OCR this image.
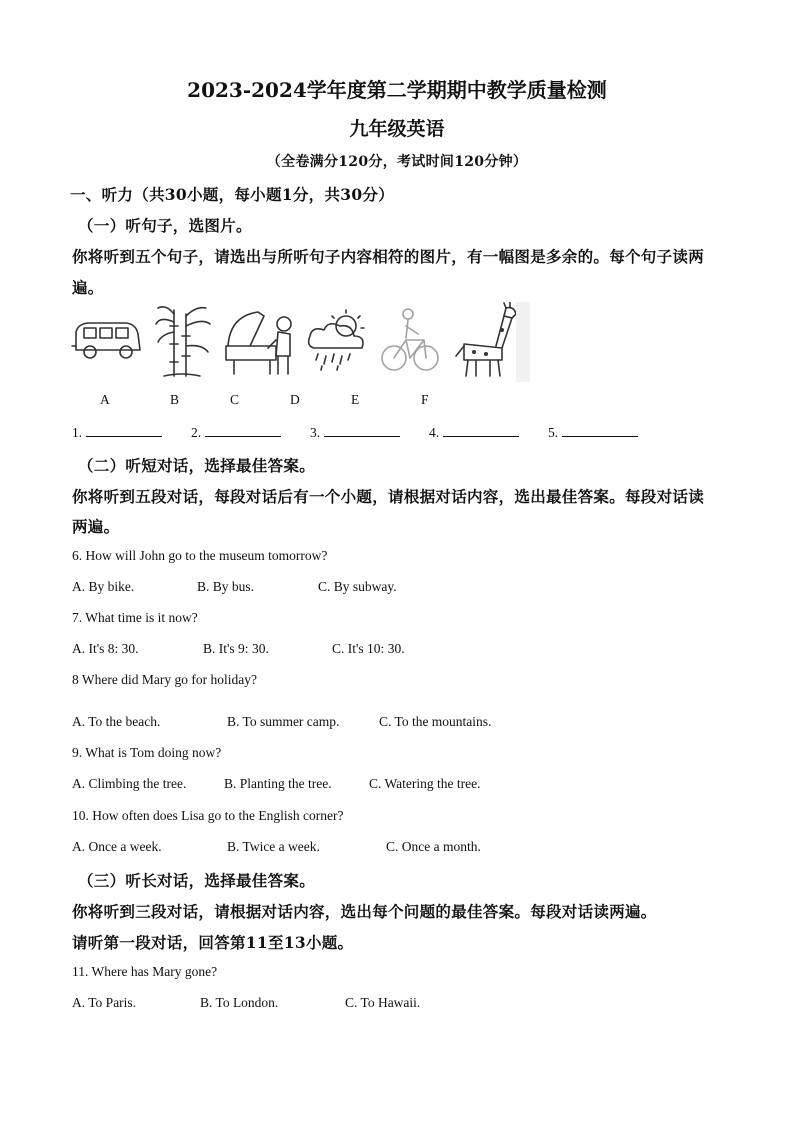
2023-2024学年度第二学期期中教学质量检测
九年级英语
（全卷满分120分，考试时间120分钟）
一、听力（共30小题，每小题1分，共30分）
（一）听句子，选图片。
你将听到五个句子，请选出与所听句子内容相符的图片，有一幅图是多余的。每个句子读两
遍。
A	B	C	D	E	F
1.	2.	3.	4.	5.
（二）听短对话，选择最佳答案。
你将听到五段对话，每段对话后有一个小题，请根据对话内容，选出最佳答案。每段对话读
两遍。
6. How will John go to the museum tomorrow?
A. By bike.	B. By bus.	C. By subway.
7. What time is it now?
A. It's 8: 30.	B. It's 9: 30.	C. It's 10: 30.
8 Where did Mary go for holiday?
A. To the beach.	B. To summer camp.	C. To the mountains.
9. What is Tom doing now?
A. Climbing the tree.	B. Planting the tree.	C. Watering the tree.
10. How often does Lisa go to the English corner?
A. Once a week.	B. Twice a week.	C. Once a month.
（三）听长对话，选择最佳答案。
你将听到三段对话，请根据对话内容，选出每个问题的最佳答案。每段对话读两遍。
请听第一段对话，回答第11至13小题。
11. Where has Mary gone?
A. To Paris.	B. To London.	C. To Hawaii.
